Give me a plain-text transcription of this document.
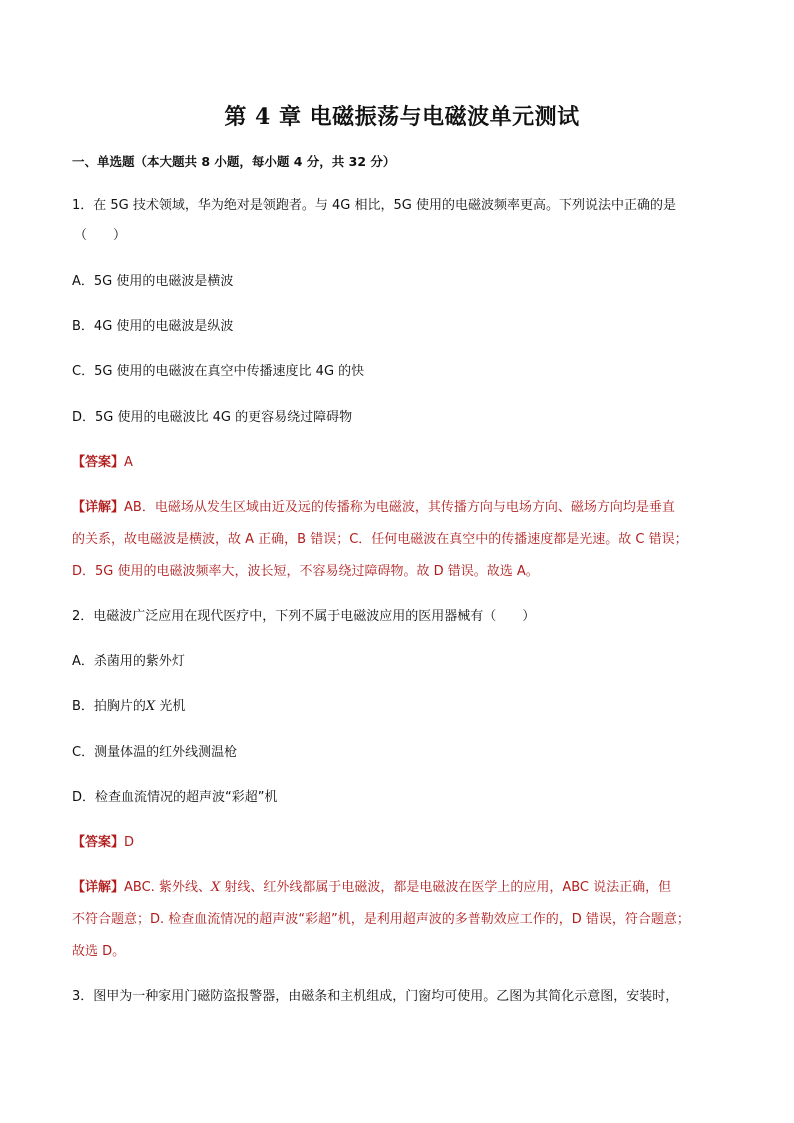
第 4 章 电磁振荡与电磁波单元测试

一、单选题（本大题共 8 小题，每小题 4 分，共 32 分）

1．在 5G 技术领域，华为绝对是领跑者。与 4G 相比，5G 使用的电磁波频率更高。下列说法中正确的是

（　　）

A．5G 使用的电磁波是横波

B．4G 使用的电磁波是纵波

C．5G 使用的电磁波在真空中传播速度比 4G 的快

D．5G 使用的电磁波比 4G 的更容易绕过障碍物

【答案】A

【详解】AB．电磁场从发生区域由近及远的传播称为电磁波，其传播方向与电场方向、磁场方向均是垂直

的关系，故电磁波是横波，故 A 正确，B 错误；C．任何电磁波在真空中的传播速度都是光速。故 C 错误；

D．5G 使用的电磁波频率大，波长短，不容易绕过障碍物。故 D 错误。故选 A。

2．电磁波广泛应用在现代医疗中，下列不属于电磁波应用的医用器械有（　　）

A．杀菌用的紫外灯

B．拍胸片的X 光机

C．测量体温的红外线测温枪

D．检查血流情况的超声波“彩超”机

【答案】D

【详解】ABC. 紫外线、X 射线、红外线都属于电磁波，都是电磁波在医学上的应用，ABC 说法正确，但

不符合题意；D. 检查血流情况的超声波“彩超”机，是利用超声波的多普勒效应工作的，D 错误，符合题意；

故选 D。

3．图甲为一种家用门磁防盗报警器，由磁条和主机组成，门窗均可使用。乙图为其简化示意图，安装时，
